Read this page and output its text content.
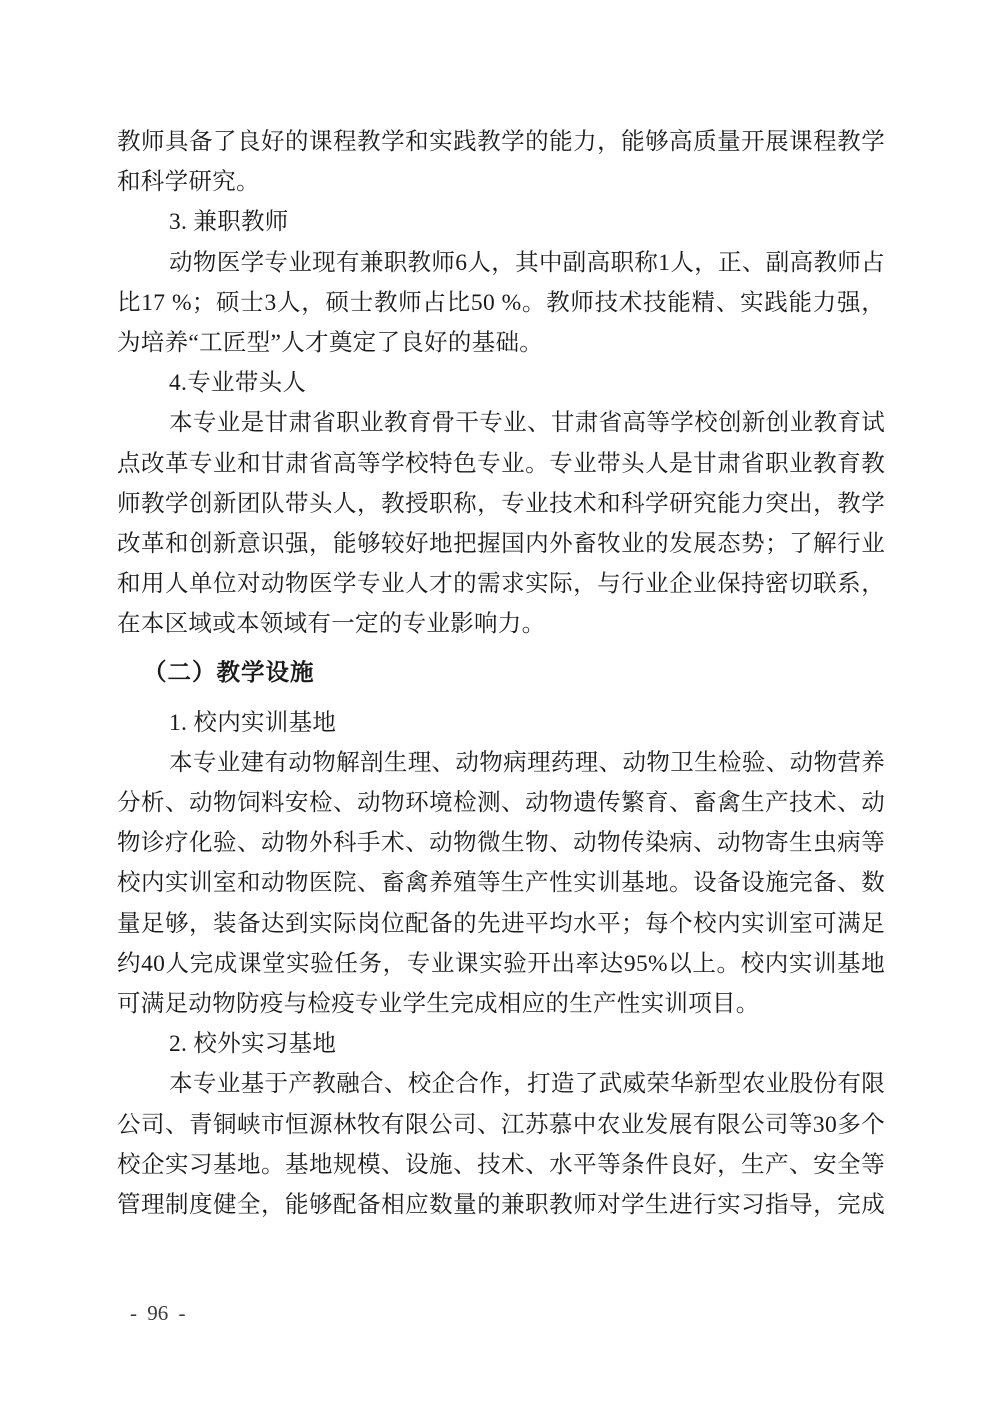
教师具备了良好的课程教学和实践教学的能力，能够高质量开展课程教学
和科学研究。
3. 兼职教师
动物医学专业现有兼职教师6人，其中副高职称1人，正、副高教师占
比17 %；硕士3人，硕士教师占比50 %。教师技术技能精、实践能力强，
为培养“工匠型”人才奠定了良好的基础。
4.专业带头人
本专业是甘肃省职业教育骨干专业、甘肃省高等学校创新创业教育试
点改革专业和甘肃省高等学校特色专业。专业带头人是甘肃省职业教育教
师教学创新团队带头人，教授职称，专业技术和科学研究能力突出，教学
改革和创新意识强，能够较好地把握国内外畜牧业的发展态势；了解行业
和用人单位对动物医学专业人才的需求实际，与行业企业保持密切联系，
在本区域或本领域有一定的专业影响力。
（二）教学设施
1. 校内实训基地
本专业建有动物解剖生理、动物病理药理、动物卫生检验、动物营养
分析、动物饲料安检、动物环境检测、动物遗传繁育、畜禽生产技术、动
物诊疗化验、动物外科手术、动物微生物、动物传染病、动物寄生虫病等
校内实训室和动物医院、畜禽养殖等生产性实训基地。设备设施完备、数
量足够，装备达到实际岗位配备的先进平均水平；每个校内实训室可满足
约40人完成课堂实验任务，专业课实验开出率达95%以上。校内实训基地
可满足动物防疫与检疫专业学生完成相应的生产性实训项目。
2. 校外实习基地
本专业基于产教融合、校企合作，打造了武威荣华新型农业股份有限
公司、青铜峡市恒源林牧有限公司、江苏慕中农业发展有限公司等30多个
校企实习基地。基地规模、设施、技术、水平等条件良好，生产、安全等
管理制度健全，能够配备相应数量的兼职教师对学生进行实习指导，完成
- 96 -
